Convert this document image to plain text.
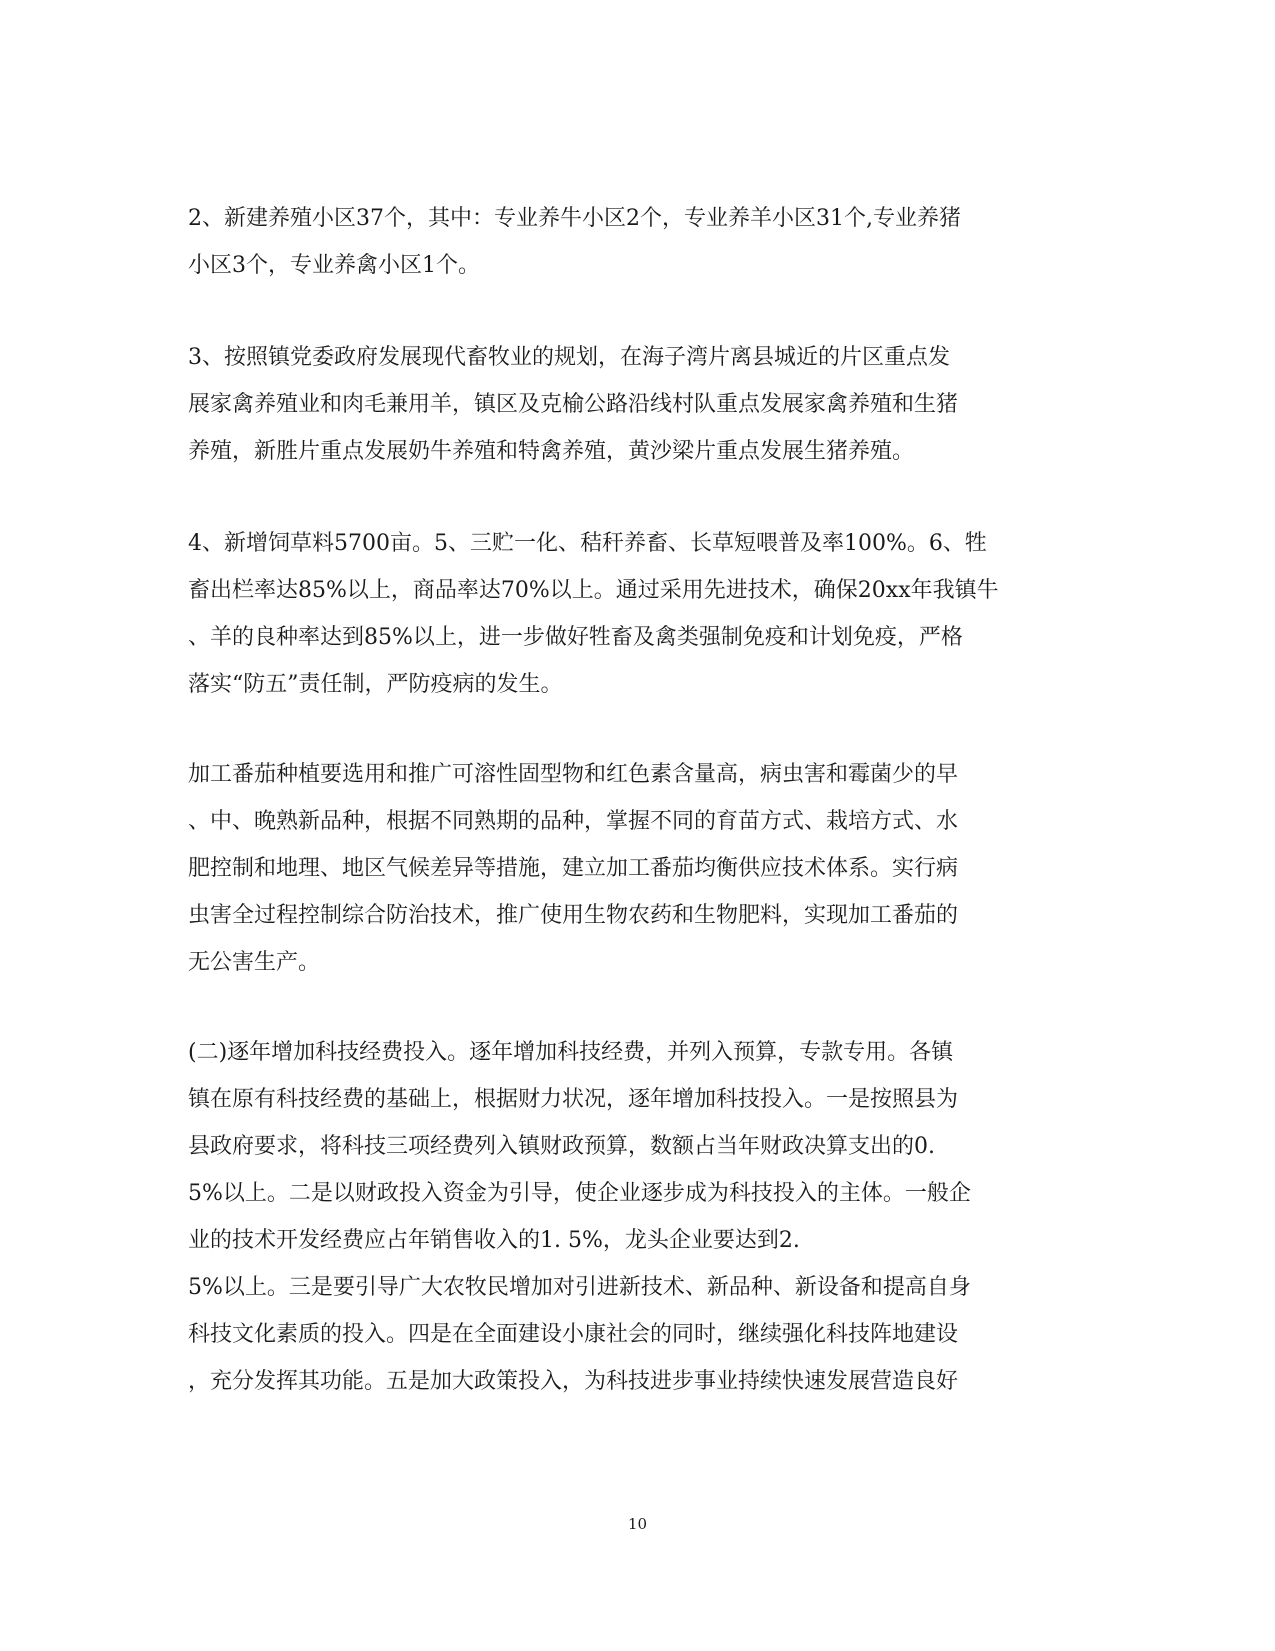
2、新建养殖小区37个，其中：专业养牛小区2个，专业养羊小区31个,专业养猪
小区3个，专业养禽小区1个。
3、按照镇党委政府发展现代畜牧业的规划，在海子湾片离县城近的片区重点发
展家禽养殖业和肉毛兼用羊，镇区及克榆公路沿线村队重点发展家禽养殖和生猪
养殖，新胜片重点发展奶牛养殖和特禽养殖，黄沙梁片重点发展生猪养殖。
4、新增饲草料5700亩。5、三贮一化、秸秆养畜、长草短喂普及率100%。6、牲
畜出栏率达85%以上，商品率达70%以上。通过采用先进技术，确保20xx年我镇牛
、羊的良种率达到85%以上，进一步做好牲畜及禽类强制免疫和计划免疫，严格
落实“防五”责任制，严防疫病的发生。
加工番茄种植要选用和推广可溶性固型物和红色素含量高，病虫害和霉菌少的早
、中、晚熟新品种，根据不同熟期的品种，掌握不同的育苗方式、栽培方式、水
肥控制和地理、地区气候差异等措施，建立加工番茄均衡供应技术体系。实行病
虫害全过程控制综合防治技术，推广使用生物农药和生物肥料，实现加工番茄的
无公害生产。
(二)逐年增加科技经费投入。逐年增加科技经费，并列入预算，专款专用。各镇
镇在原有科技经费的基础上，根据财力状况，逐年增加科技投入。一是按照县为
县政府要求，将科技三项经费列入镇财政预算，数额占当年财政决算支出的0.
5%以上。二是以财政投入资金为引导，使企业逐步成为科技投入的主体。一般企
业的技术开发经费应占年销售收入的1. 5%，龙头企业要达到2.
5%以上。三是要引导广大农牧民增加对引进新技术、新品种、新设备和提高自身
科技文化素质的投入。四是在全面建设小康社会的同时，继续强化科技阵地建设
，充分发挥其功能。五是加大政策投入，为科技进步事业持续快速发展营造良好
10
